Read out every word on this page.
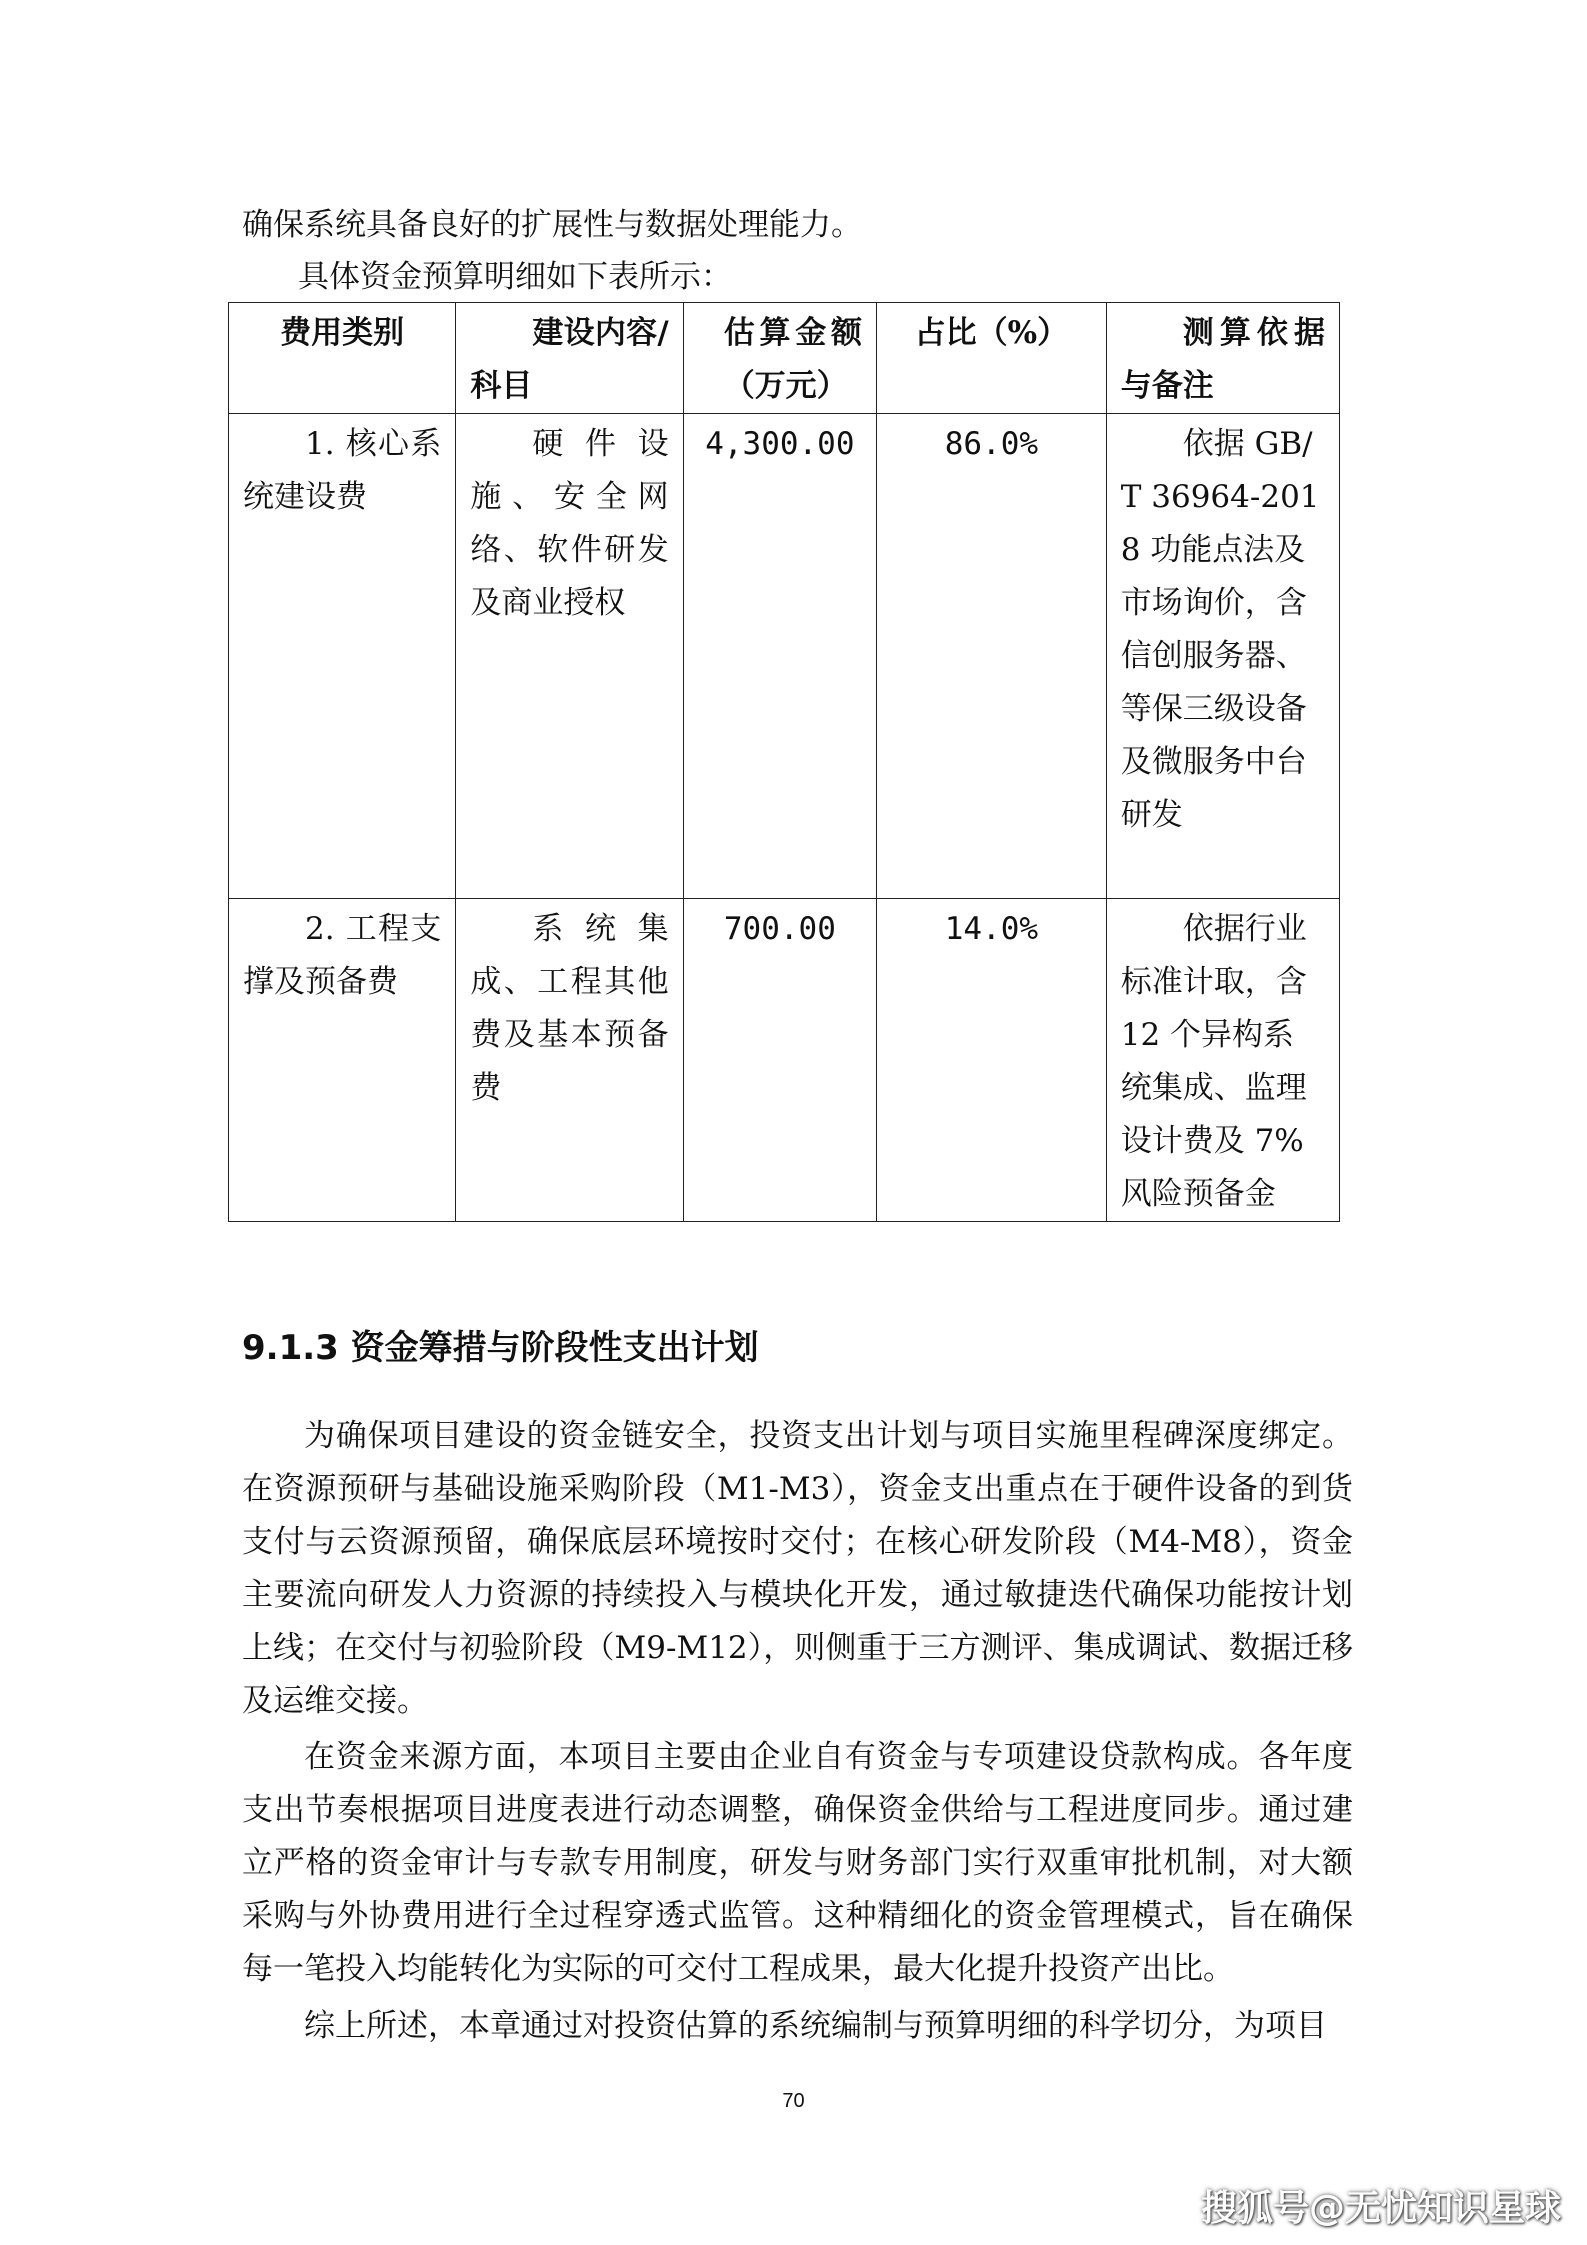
确保系统具备良好的扩展性与数据处理能力。
具体资金预算明细如下表所示：
费用类别	建设内容/科目	估算金额（万元）	占比（%）	测算依据与备注
1. 核心系统建设费	硬件设施、安全网络、软件研发及商业授权	4,300.00	86.0%	依据 GB/T 36964-2018 功能点法及市场询价，含信创服务器、等保三级设备及微服务中台研发
2. 工程支撑及预备费	系统集成、工程其他费及基本预备费	700.00	14.0%	依据行业标准计取，含 12 个异构系统集成、监理设计费及 7% 风险预备金
9.1.3 资金筹措与阶段性支出计划

为确保项目建设的资金链安全，投资支出计划与项目实施里程碑深度绑定。在资源预研与基础设施采购阶段（M1-M3），资金支出重点在于硬件设备的到货支付与云资源预留，确保底层环境按时交付；在核心研发阶段（M4-M8），资金主要流向研发人力资源的持续投入与模块化开发，通过敏捷迭代确保功能按计划上线；在交付与初验阶段（M9-M12），则侧重于三方测评、集成调试、数据迁移及运维交接。

在资金来源方面，本项目主要由企业自有资金与专项建设贷款构成。各年度支出节奏根据项目进度表进行动态调整，确保资金供给与工程进度同步。通过建立严格的资金审计与专款专用制度，研发与财务部门实行双重审批机制，对大额采购与外协费用进行全过程穿透式监管。这种精细化的资金管理模式，旨在确保每一笔投入均能转化为实际的可交付工程成果，最大化提升投资产出比。

综上所述，本章通过对投资估算的系统编制与预算明细的科学切分，为项目

70
搜狐号@无忧知识星球
